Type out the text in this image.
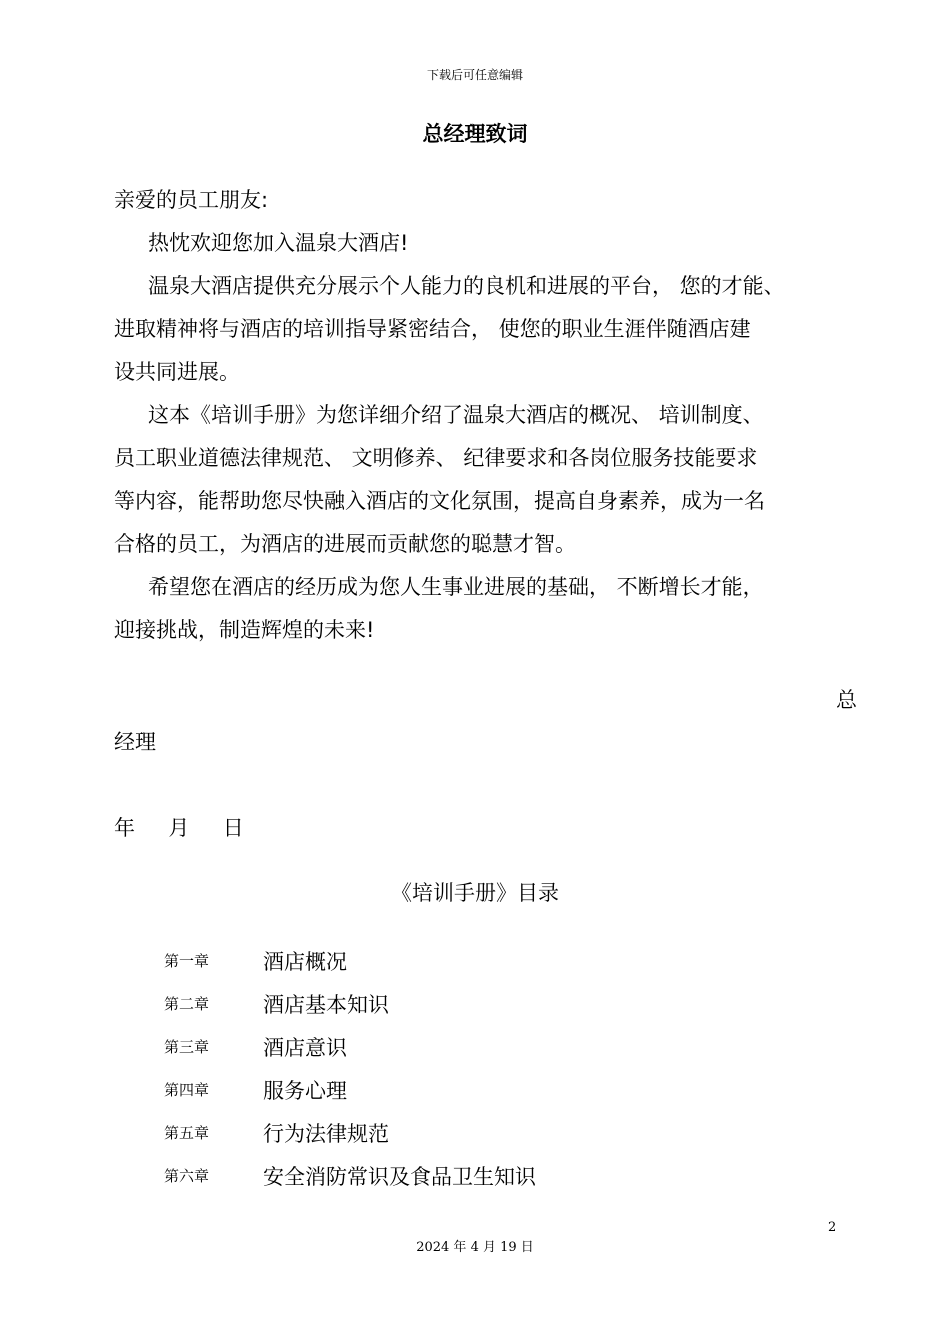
下载后可任意编辑
总经理致词
亲爱的员工朋友:
热忱欢迎您加入温泉大酒店!
温泉大酒店提供充分展示个人能力的良机和进展的平台， 您的才能、
进取精神将与酒店的培训指导紧密结合， 使您的职业生涯伴随酒店建
设共同进展。
这本《培训手册》为您详细介绍了温泉大酒店的概况、 培训制度、
员工职业道德法律规范、 文明修养、 纪律要求和各岗位服务技能要求
等内容，能帮助您尽快融入酒店的文化氛围，提高自身素养，成为一名
合格的员工，为酒店的进展而贡献您的聪慧才智。
希望您在酒店的经历成为您人生事业进展的基础， 不断增长才能，
迎接挑战，制造辉煌的未来!
总
经理
年     月     日
《培训手册》目录
第一章	酒店概况
第二章	酒店基本知识
第三章	酒店意识
第四章	服务心理
第五章	行为法律规范
第六章	安全消防常识及食品卫生知识
2
2024 年 4 月 19 日
